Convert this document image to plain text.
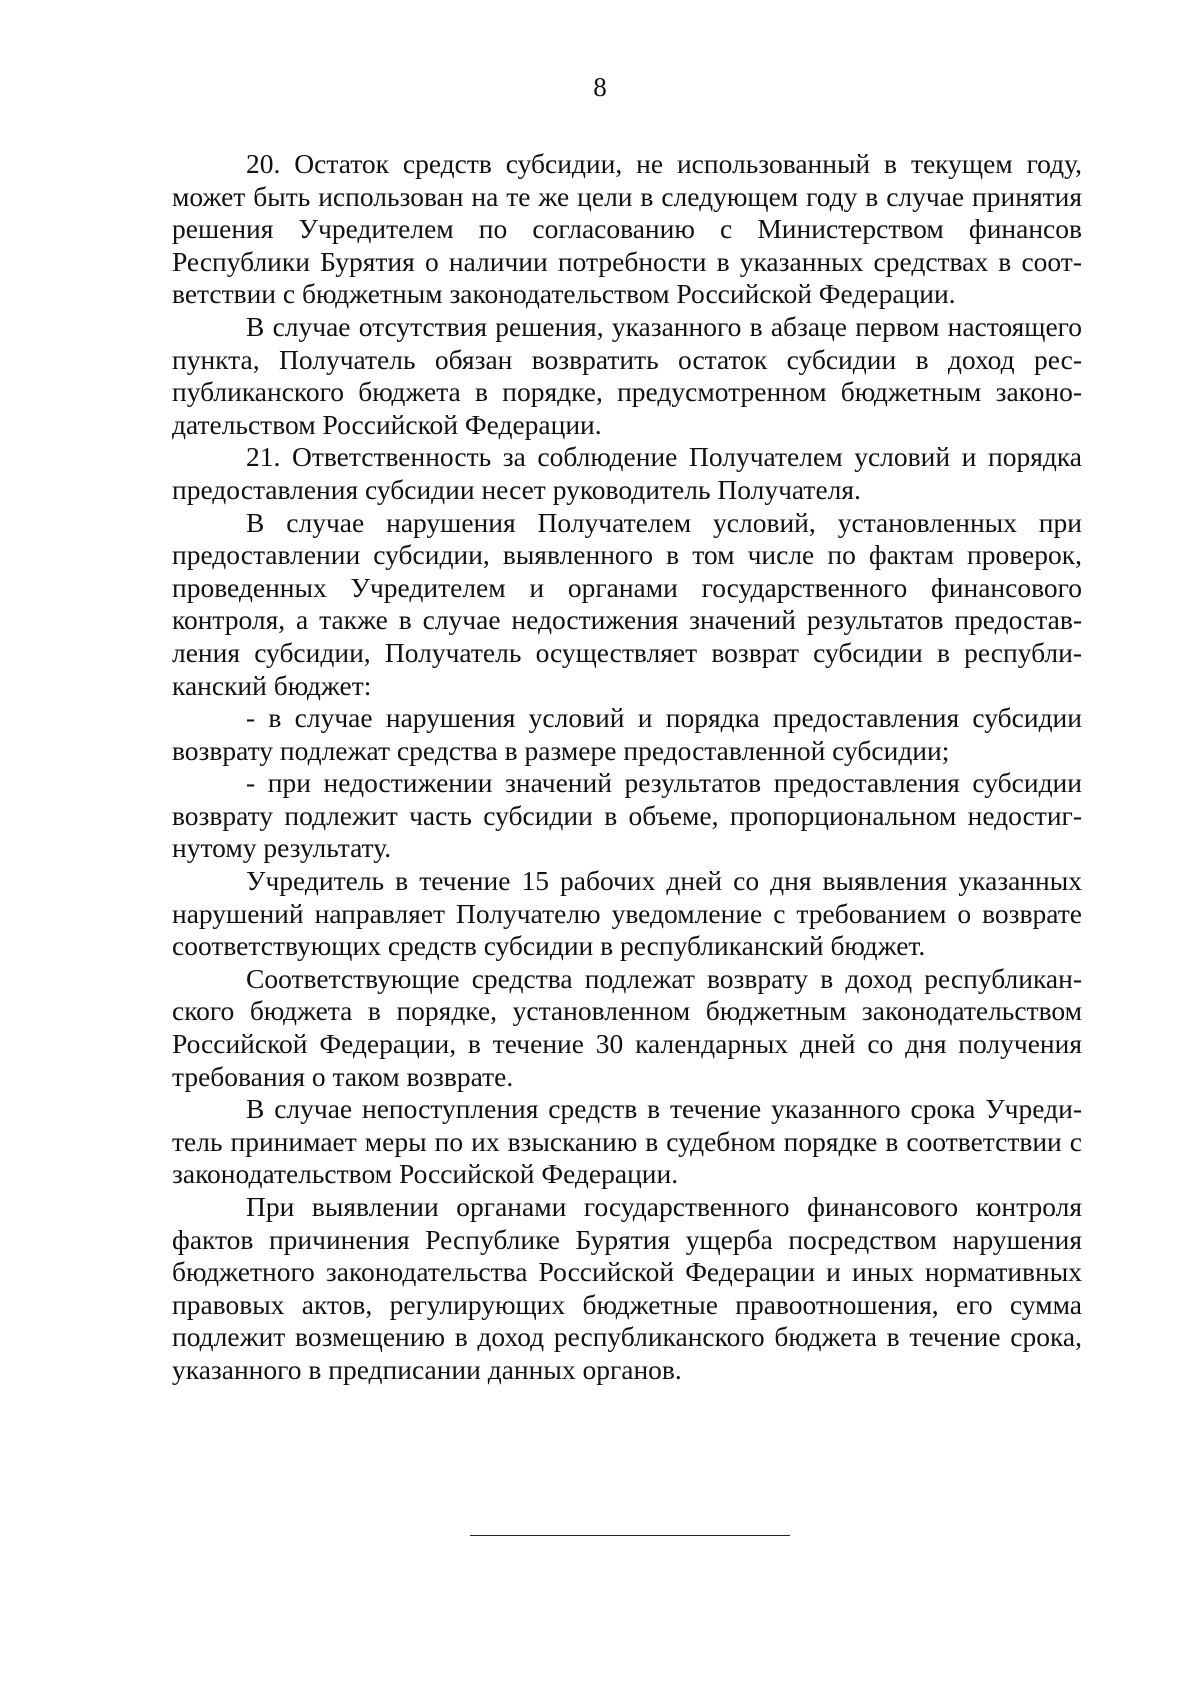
8

20. Остаток средств субсидии, не использованный в текущем году, может быть использован на те же цели в следующем году в случае принятия решения Учредителем по согласованию с Министерством финансов Республики Бурятия о наличии потребности в указанных средствах в соответствии с бюджетным законодательством Российской Федерации.

В случае отсутствия решения, указанного в абзаце первом настоящего пункта, Получатель обязан возвратить остаток субсидии в доход республиканского бюджета в порядке, предусмотренном бюджетным законодательством Российской Федерации.

21. Ответственность за соблюдение Получателем условий и порядка предоставления субсидии несет руководитель Получателя.

В случае нарушения Получателем условий, установленных при предоставлении субсидии, выявленного в том числе по фактам проверок, проведенных Учредителем и органами государственного финансового контроля, а также в случае недостижения значений результатов предоставления субсидии, Получатель осуществляет возврат субсидии в республиканский бюджет:

- в случае нарушения условий и порядка предоставления субсидии возврату подлежат средства в размере предоставленной субсидии;

- при недостижении значений результатов предоставления субсидии возврату подлежит часть субсидии в объеме, пропорциональном недостигнутому результату.

Учредитель в течение 15 рабочих дней со дня выявления указанных нарушений направляет Получателю уведомление с требованием о возврате соответствующих средств субсидии в республиканский бюджет.

Соответствующие средства подлежат возврату в доход республиканского бюджета в порядке, установленном бюджетным законодательством Российской Федерации, в течение 30 календарных дней со дня получения требования о таком возврате.

В случае непоступления средств в течение указанного срока Учредитель принимает меры по их взысканию в судебном порядке в соответствии с законодательством Российской Федерации.

При выявлении органами государственного финансового контроля фактов причинения Республике Бурятия ущерба посредством нарушения бюджетного законодательства Российской Федерации и иных нормативных правовых актов, регулирующих бюджетные правоотношения, его сумма подлежит возмещению в доход республиканского бюджета в течение срока, указанного в предписании данных органов.
